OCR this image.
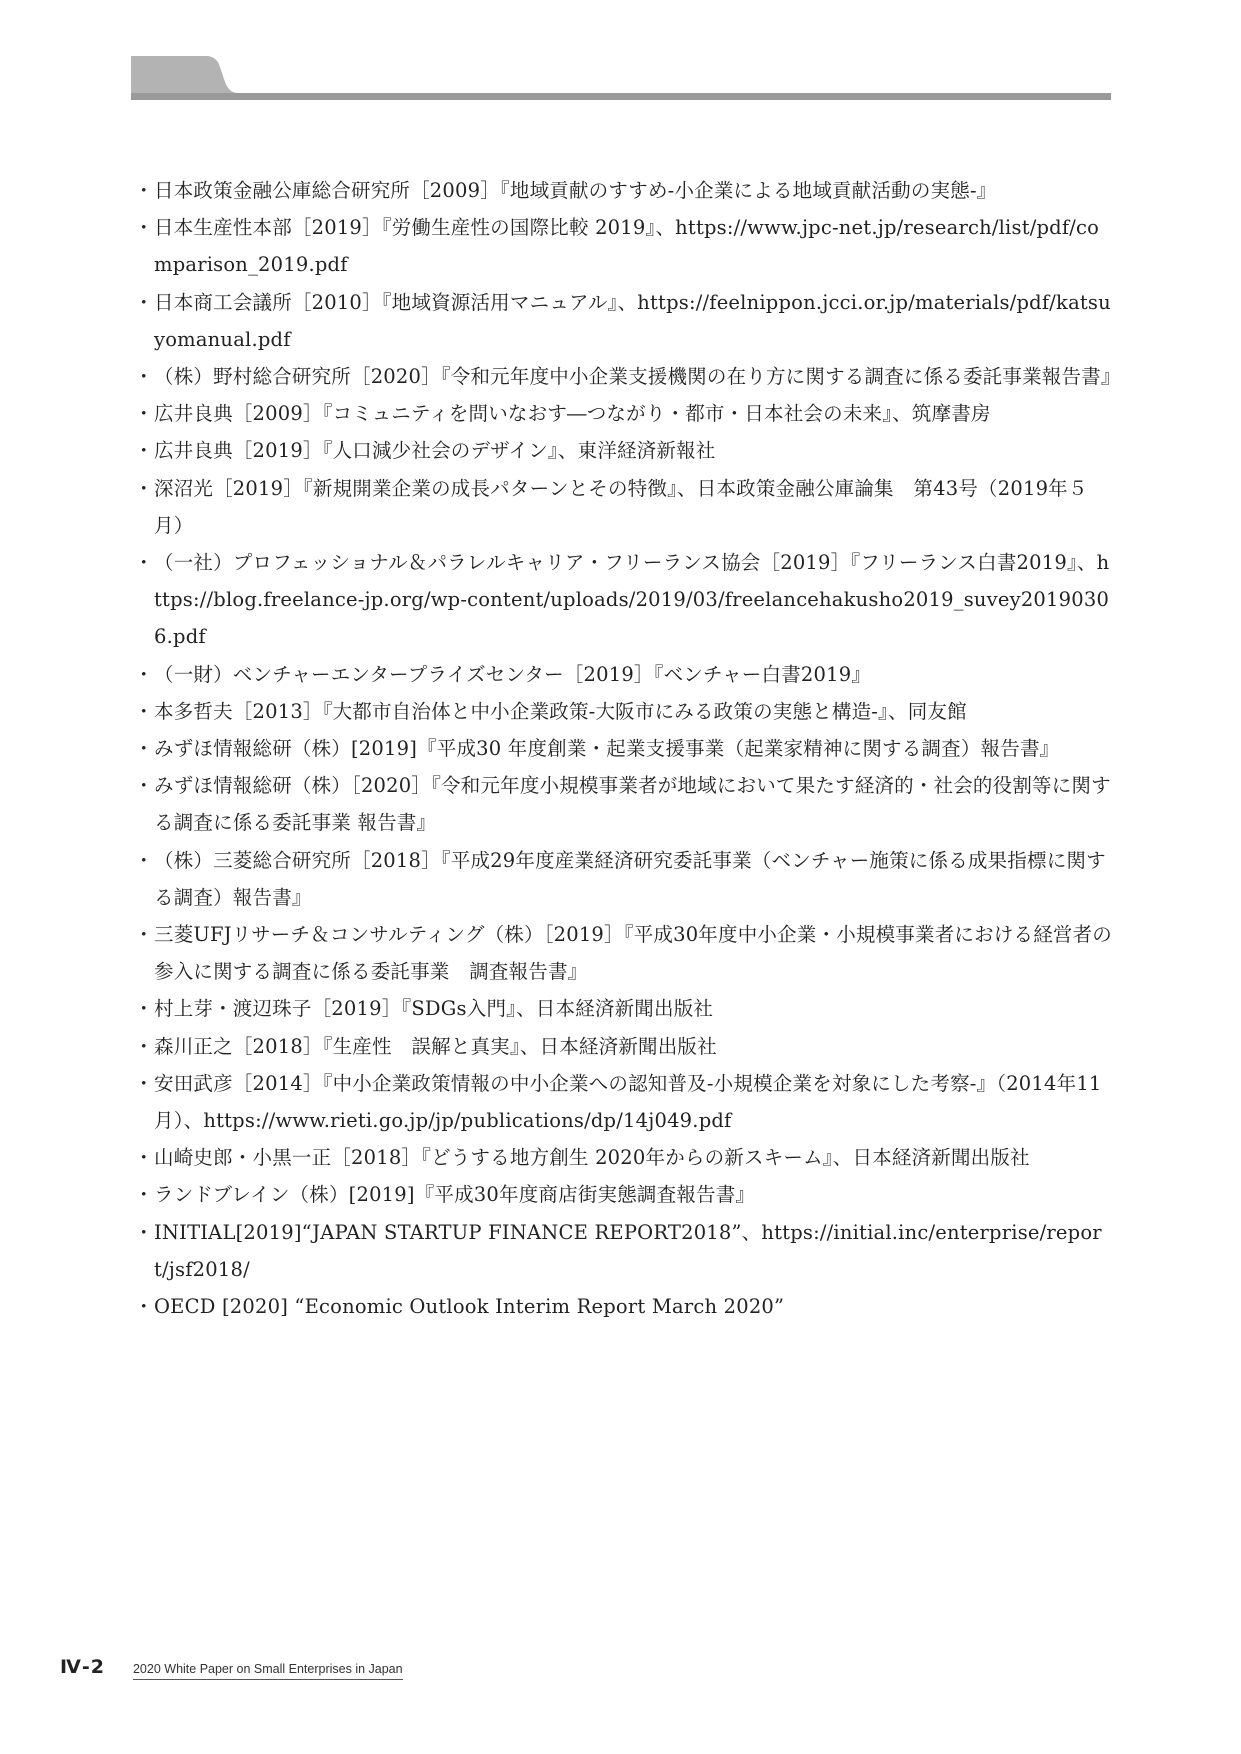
・ 日本政策金融公庫総合研究所［2009］『地域貢献のすすめ-小企業による地域貢献活動の実態-』
・ 日本生産性本部［2019］『労働生産性の国際比較 2019』、https://www.jpc-net.jp/research/list/pdf/comparison_2019.pdf
・ 日本商工会議所［2010］『地域資源活用マニュアル』、https://feelnippon.jcci.or.jp/materials/pdf/katsuyomanual.pdf
・ （株）野村総合研究所［2020］『令和元年度中小企業支援機関の在り方に関する調査に係る委託事業報告書』
・ 広井良典［2009］『コミュニティを問いなおす―つながり・都市・日本社会の未来』、筑摩書房
・ 広井良典［2019］『人口減少社会のデザイン』、東洋経済新報社
・ 深沼光［2019］『新規開業企業の成長パターンとその特徴』、日本政策金融公庫論集　第43号（2019年５月）
・ （一社）プロフェッショナル＆パラレルキャリア・フリーランス協会［2019］『フリーランス白書2019』、https://blog.freelance-jp.org/wp-content/uploads/2019/03/freelancehakusho2019_suvey20190306.pdf
・ （一財）ベンチャーエンタープライズセンター［2019］『ベンチャー白書2019』
・ 本多哲夫［2013］『大都市自治体と中小企業政策-大阪市にみる政策の実態と構造-』、同友館
・ みずほ情報総研（株）[2019]『平成30 年度創業・起業支援事業（起業家精神に関する調査）報告書』
・ みずほ情報総研（株）［2020］『令和元年度小規模事業者が地域において果たす経済的・社会的役割等に関する調査に係る委託事業 報告書』
・ （株）三菱総合研究所［2018］『平成29年度産業経済研究委託事業（ベンチャー施策に係る成果指標に関する調査）報告書』
・ 三菱UFJリサーチ＆コンサルティング（株）［2019］『平成30年度中小企業・小規模事業者における経営者の参入に関する調査に係る委託事業　調査報告書』
・ 村上芽・渡辺珠子［2019］『SDGs入門』、日本経済新聞出版社
・ 森川正之［2018］『生産性　誤解と真実』、日本経済新聞出版社
・ 安田武彦［2014］『中小企業政策情報の中小企業への認知普及-小規模企業を対象にした考察-』（2014年11月）、https://www.rieti.go.jp/jp/publications/dp/14j049.pdf
・ 山崎史郎・小黒一正［2018］『どうする地方創生 2020年からの新スキーム』、日本経済新聞出版社
・ ランドブレイン（株）[2019]『平成30年度商店街実態調査報告書』
・ INITIAL[2019]“JAPAN STARTUP FINANCE REPORT2018”、https://initial.inc/enterprise/report/jsf2018/
・ OECD [2020] “Economic Outlook Interim Report March 2020”
Ⅳ-2 2020 White Paper on Small Enterprises in Japan
